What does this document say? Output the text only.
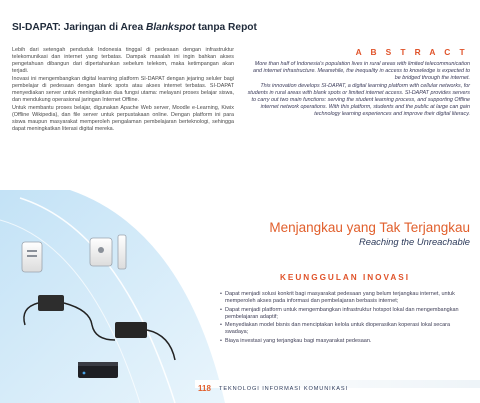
SI-DAPAT: Jaringan di Area Blankspot tanpa Repot

Lebih dari setengah penduduk Indonesia tinggal di pedesaan dengan infrastruktur telekomunikasi dan internet yang terbatas. Dampak masalah ini ingin bahkan akses pengetahuan dibangun dari dipertahankan sebelum telekom, maka ketimpangan akan terjadi.

Inovasi ini mengembangkan digital learning platform SI-DAPAT dengan jejaring seluler bagi pembelajar di pedesaan dengan blank spots atau akses internet terbatas. SI-DAPAT menyediakan server untuk meningkatkan dua fungsi utama: melayani proses belajar siswa, dan mendukung operasional jaringan Internet Offline.

Untuk membantu proses belajar, digunakan Apache Web server, Moodle e-Learning, Kiwix (Offline Wikipedia), dan file server untuk perpustakaan online. Dengan platform ini para siswa maupun masyarakat memperoleh pengalaman pembelajaran berteknologi, sehingga dapat meningkatkan literasi digital mereka.

A B S T R A C T

More than half of Indonesia's population lives in rural areas with limited telecommunication and internet infrastructure. Meanwhile, the inequality in access to knowledge is expected to be bridged through the internet.

This innovation develops SI-DAPAT, a digital learning platform with cellular networks, for students in rural areas with blank spots or limited internet access. SI-DAPAT provides servers to carry out two main functions: serving the student learning process, and supporting Offline internet network operations. With this platform, students and the public at large can gain technology learning experiences and improve their digital literacy.

Menjangkau yang Tak Terjangkau
Reaching the Unreachable
KEUNGGULAN INOVASI
• Dapat menjadi solusi konkrit bagi masyarakat pedesaan yang belum terjangkau internet, untuk memperoleh akses pada informasi dan pembelajaran berbasis internet;
• Dapat menjadi platform untuk mengembangkan infrastruktur hotspot lokal dan mengembangkan pembelajaran adaptif;
• Menyediakan model bisnis dan menciptakan kelola untuk dioperasikan koperasi lokal secara swadaya;
• Biaya investasi yang terjangkau bagi masyarakat pedesaan.
118 TEKNOLOGI INFORMASI KOMUNIKASI
